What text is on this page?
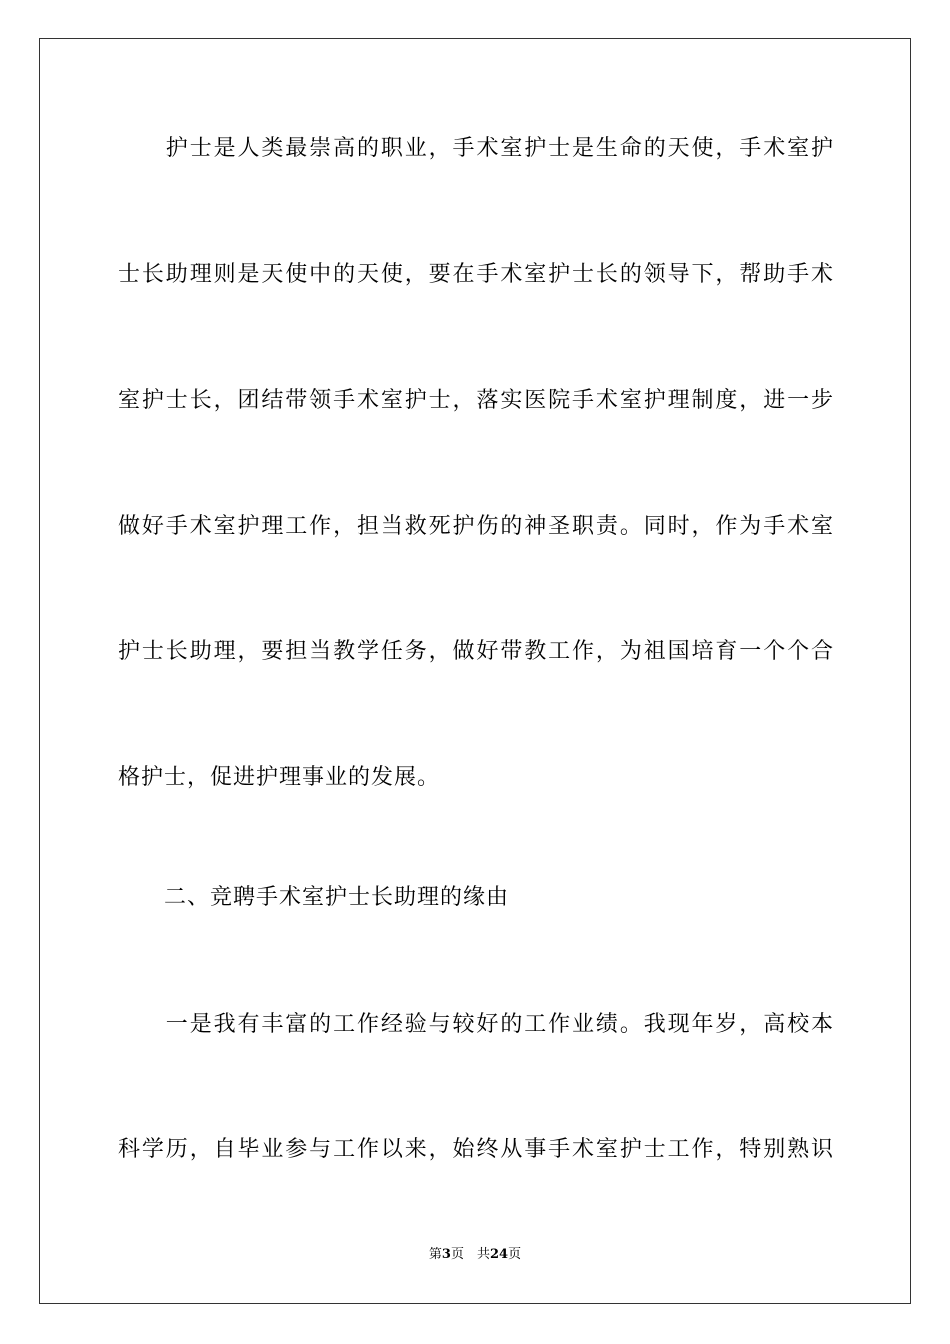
　　护士是人类最崇高的职业，手术室护士是生命的天使，手术室护
士长助理则是天使中的天使，要在手术室护士长的领导下，帮助手术
室护士长，团结带领手术室护士，落实医院手术室护理制度，进一步
做好手术室护理工作，担当救死护伤的神圣职责。同时，作为手术室
护士长助理，要担当教学任务，做好带教工作，为祖国培育一个个合
格护士，促进护理事业的发展。
　　二、竞聘手术室护士长助理的缘由
　　一是我有丰富的工作经验与较好的工作业绩。我现年岁，高校本
科学历，自毕业参与工作以来，始终从事手术室护士工作，特别熟识
第3页　共24页
